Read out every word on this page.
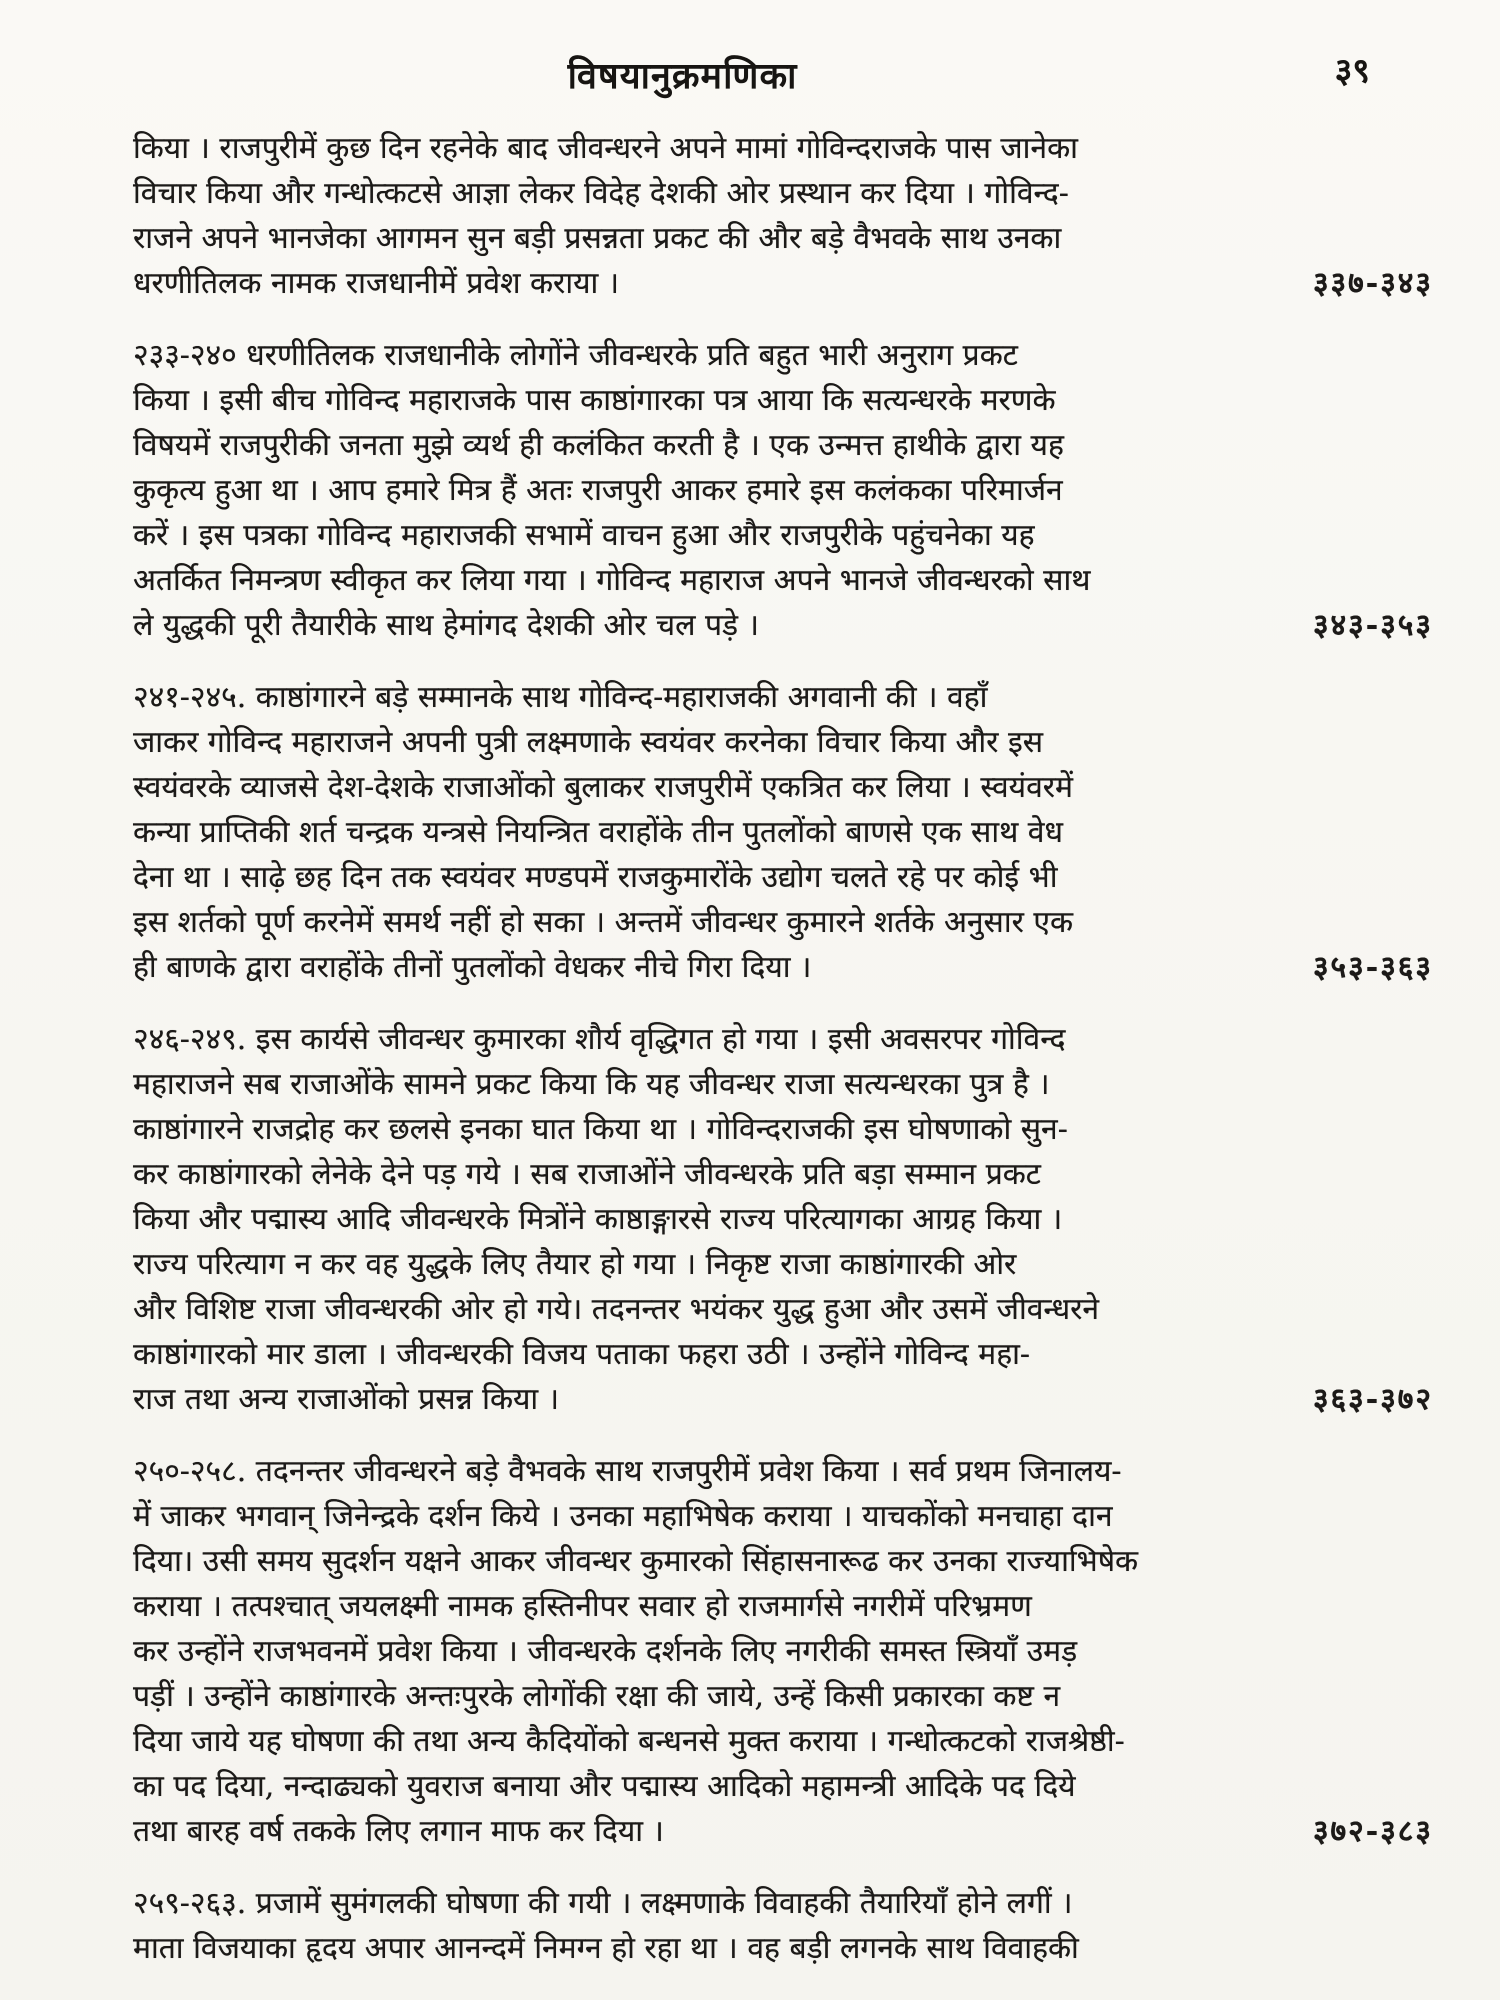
विषयानुक्रमणिका	३९
किया । राजपुरीमें कुछ दिन रहनेके बाद जीवन्धरने अपने मामां गोविन्दराजके पास जानेका
विचार किया और गन्धोत्कटसे आज्ञा लेकर विदेह देशकी ओर प्रस्थान कर दिया । गोविन्द-
राजने अपने भानजेका आगमन सुन बड़ी प्रसन्नता प्रकट की और बड़े वैभवके साथ उनका
धरणीतिलक नामक राजधानीमें प्रवेश कराया ।	३३७-३४३
२३३-२४० धरणीतिलक राजधानीके लोगोंने जीवन्धरके प्रति बहुत भारी अनुराग प्रकट
किया । इसी बीच गोविन्द महाराजके पास काष्ठांगारका पत्र आया कि सत्यन्धरके मरणके
विषयमें राजपुरीकी जनता मुझे व्यर्थ ही कलंकित करती है । एक उन्मत्त हाथीके द्वारा यह
कुकृत्य हुआ था । आप हमारे मित्र हैं अतः राजपुरी आकर हमारे इस कलंकका परिमार्जन
करें । इस पत्रका गोविन्द महाराजकी सभामें वाचन हुआ और राजपुरीके पहुंचनेका यह
अतर्कित निमन्त्रण स्वीकृत कर लिया गया । गोविन्द महाराज अपने भानजे जीवन्धरको साथ
ले युद्धकी पूरी तैयारीके साथ हेमांगद देशकी ओर चल पड़े ।	३४३-३५३
२४१-२४५. काष्ठांगारने बड़े सम्मानके साथ गोविन्द-महाराजकी अगवानी की । वहाँ
जाकर गोविन्द महाराजने अपनी पुत्री लक्ष्मणाके स्वयंवर करनेका विचार किया और इस
स्वयंवरके व्याजसे देश-देशके राजाओंको बुलाकर राजपुरीमें एकत्रित कर लिया । स्वयंवरमें
कन्या प्राप्तिकी शर्त चन्द्रक यन्त्रसे नियन्त्रित वराहोंके तीन पुतलोंको बाणसे एक साथ वेध
देना था । साढ़े छह दिन तक स्वयंवर मण्डपमें राजकुमारोंके उद्योग चलते रहे पर कोई भी
इस शर्तको पूर्ण करनेमें समर्थ नहीं हो सका । अन्तमें जीवन्धर कुमारने शर्तके अनुसार एक
ही बाणके द्वारा वराहोंके तीनों पुतलोंको वेधकर नीचे गिरा दिया ।	३५३-३६३
२४६-२४९. इस कार्यसे जीवन्धर कुमारका शौर्य वृद्धिगत हो गया । इसी अवसरपर गोविन्द
महाराजने सब राजाओंके सामने प्रकट किया कि यह जीवन्धर राजा सत्यन्धरका पुत्र है ।
काष्ठांगारने राजद्रोह कर छलसे इनका घात किया था । गोविन्दराजकी इस घोषणाको सुन-
कर काष्ठांगारको लेनेके देने पड़ गये । सब राजाओंने जीवन्धरके प्रति बड़ा सम्मान प्रकट
किया और पद्मास्य आदि जीवन्धरके मित्रोंने काष्ठाङ्गारसे राज्य परित्यागका आग्रह किया ।
राज्य परित्याग न कर वह युद्धके लिए तैयार हो गया । निकृष्ट राजा काष्ठांगारकी ओर
और विशिष्ट राजा जीवन्धरकी ओर हो गये। तदनन्तर भयंकर युद्ध हुआ और उसमें जीवन्धरने
काष्ठांगारको मार डाला । जीवन्धरकी विजय पताका फहरा उठी । उन्होंने गोविन्द महा-
राज तथा अन्य राजाओंको प्रसन्न किया ।	३६३-३७२
२५०-२५८. तदनन्तर जीवन्धरने बड़े वैभवके साथ राजपुरीमें प्रवेश किया । सर्व प्रथम जिनालय-
में जाकर भगवान् जिनेन्द्रके दर्शन किये । उनका महाभिषेक कराया । याचकोंको मनचाहा दान
दिया। उसी समय सुदर्शन यक्षने आकर जीवन्धर कुमारको सिंहासनारूढ कर उनका राज्याभिषेक
कराया । तत्पश्चात् जयलक्ष्मी नामक हस्तिनीपर सवार हो राजमार्गसे नगरीमें परिभ्रमण
कर उन्होंने राजभवनमें प्रवेश किया । जीवन्धरके दर्शनके लिए नगरीकी समस्त स्त्रियाँ उमड़
पड़ीं । उन्होंने काष्ठांगारके अन्तःपुरके लोगोंकी रक्षा की जाये, उन्हें किसी प्रकारका कष्ट न
दिया जाये यह घोषणा की तथा अन्य कैदियोंको बन्धनसे मुक्त कराया । गन्धोत्कटको राजश्रेष्ठी-
का पद दिया, नन्दाढ्यको युवराज बनाया और पद्मास्य आदिको महामन्त्री आदिके पद दिये
तथा बारह वर्ष तकके लिए लगान माफ कर दिया ।	३७२-३८३
२५९-२६३. प्रजामें सुमंगलकी घोषणा की गयी । लक्ष्मणाके विवाहकी तैयारियाँ होने लगीं ।
माता विजयाका हृदय अपार आनन्दमें निमग्न हो रहा था । वह बड़ी लगनके साथ विवाहकी
